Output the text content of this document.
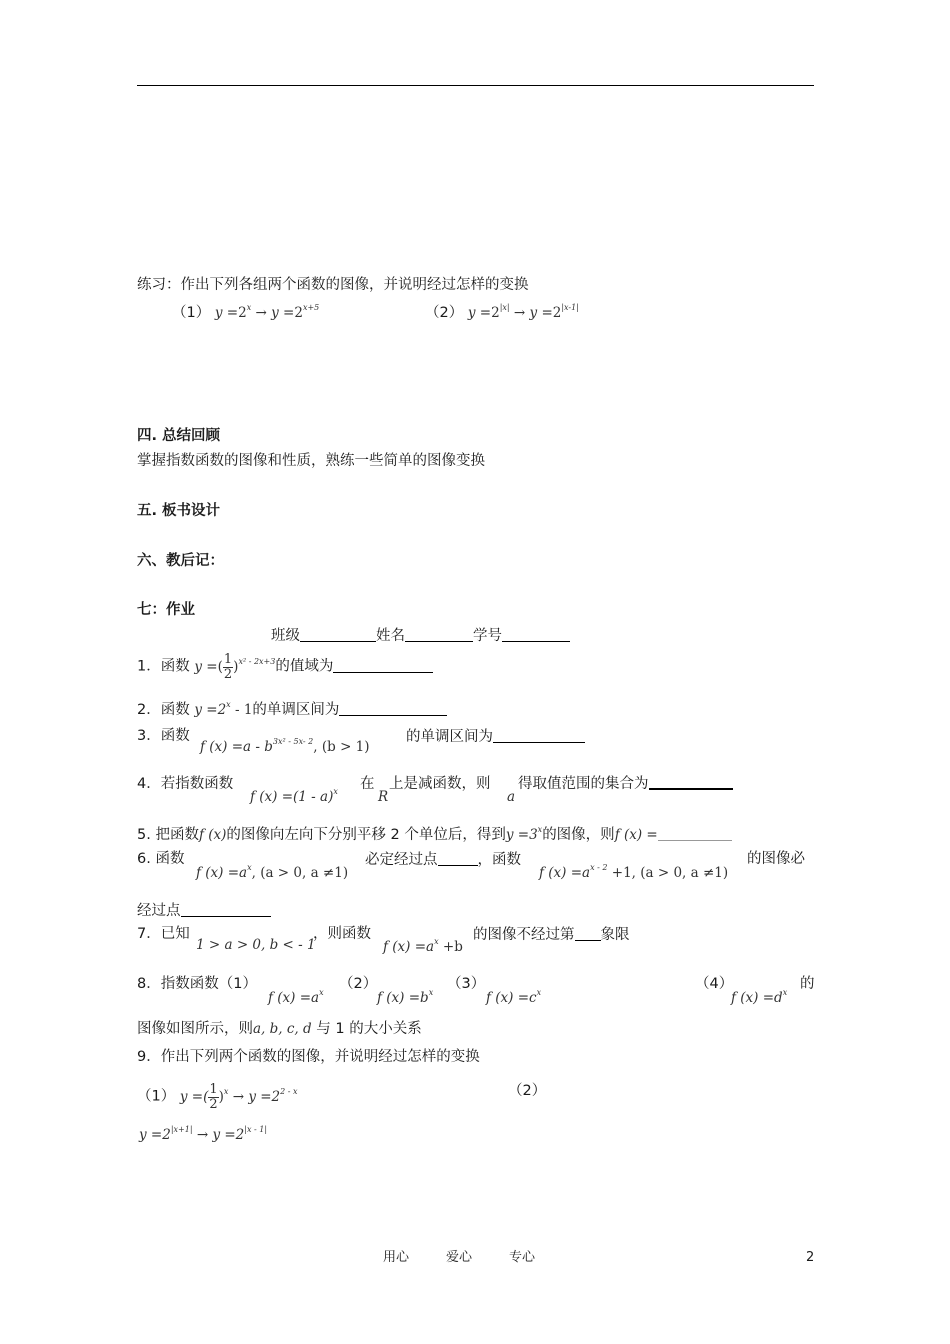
练习：作出下列各组两个函数的图像，并说明经过怎样的变换
（1） $y =2^x \to y =2^{x+5}$	（2） $y =2^{|x|} \to y =2^{|x-1|}$
四. 总结回顾
掌握指数函数的图像和性质，熟练一些简单的图像变换
五. 板书设计
六、教后记：
七：作业
班级	姓名	学号
1．函数 y =( $\frac{1}{2} )^{x^2 - 2x+3}$的值域为
2．函数 $y =2^x - 1$的单调区间为
3．函数
f $(x) =a - b^{3x^2 - 5x- 2}$, (b > 1)
的单调区间为
4．若指数函数
f (x) =(1 - a)$^x$ 在
R
上是减函数，则
a
得取值范围的集合为
5. 把函数f (x)的图像向左向下分别平移 2 个单位后，得到$y =3^x$的图像，则f (x) =
6. 函数
f $(x) =a^x$, (a > 0, a ≠1)
必定经过点	，函数
f $(x) =a^{x - 2} +1$, (a > 0, a ≠1)
的图像必
经过点
7．已知
1 > a > 0, b < - 1
，则函数
f $(x) =a^x +b$
的图像不经过第 象限
8．指数函数（1）
f $(x) =a^x$
（2）
f $(x) =b^x$
（3）
f $(x) =c^x$
（4）
f $(x) =d^x$
的
图像如图所示，则a, b, c, d 与 1 的大小关系
9．作出下列两个函数的图像，并说明经过怎样的变换
（1） y =( $\frac{1}{2} )^x \to y =2^{2 - x}$	（2）
$y =2^{|x+1|} \to y =2^{|x - 1|}$
用心	爱心	专心	2
